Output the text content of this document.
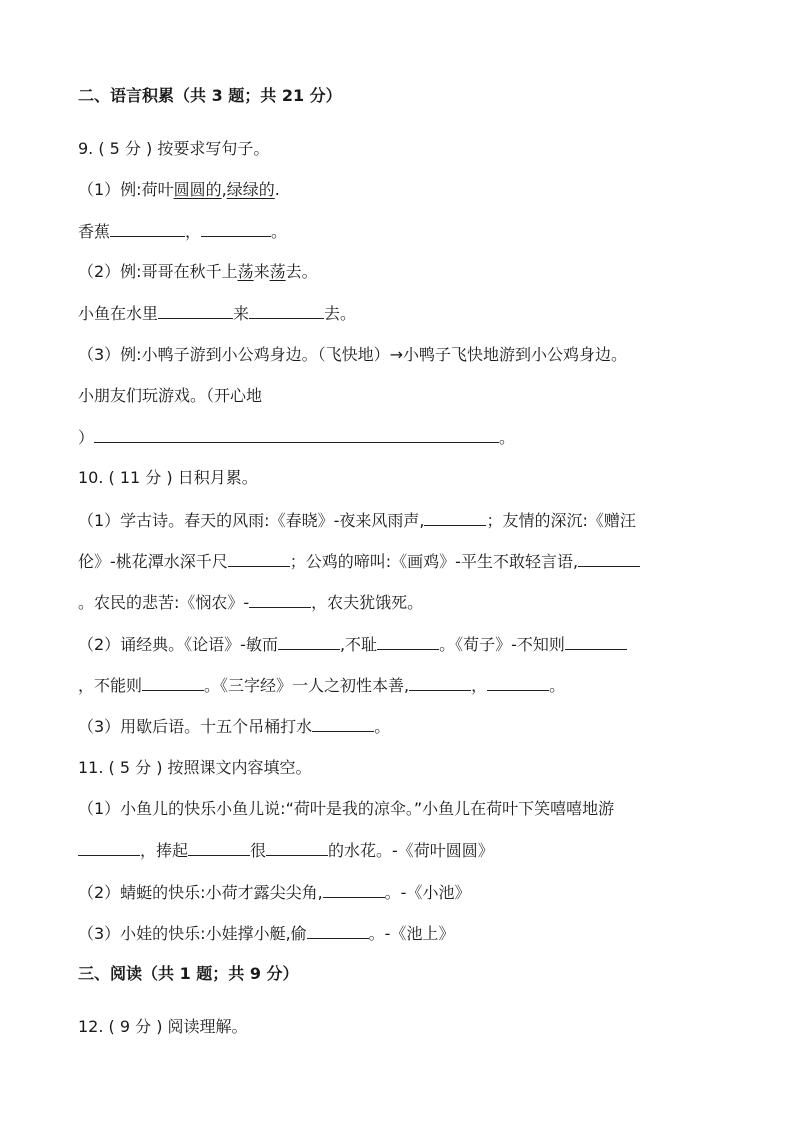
二、语言积累（共 3 题；共 21 分）
9. ( 5 分 ) 按要求写句子。
（1）例:荷叶圆圆的,绿绿的.
香蕉	，	。
（2）例:哥哥在秋千上荡来荡去。
小鱼在水里	来	去。
（3）例:小鸭子游到小公鸡身边。（飞快地）→小鸭子飞快地游到小公鸡身边。
小朋友们玩游戏。（开心地
）	。
10. ( 11 分 ) 日积月累。
（1）学古诗。春天的风雨:《春晓》-夜来风雨声,	；友情的深沉:《赠汪
伦》-桃花潭水深千尺	；公鸡的啼叫:《画鸡》-平生不敢轻言语,
。农民的悲苦:《悯农》-	，农夫犹饿死。
（2）诵经典。《论语》-敏而	,不耻	。《荀子》-不知则
，不能则	。《三字经》一人之初性本善,	，	。
（3）用歇后语。十五个吊桶打水	。
11. ( 5 分 ) 按照课文内容填空。
（1）小鱼儿的快乐小鱼儿说:“荷叶是我的凉伞。”小鱼儿在荷叶下笑嘻嘻地游
，捧起	很	的水花。-《荷叶圆圆》
（2）蜻蜓的快乐:小荷才露尖尖角,	。-《小池》
（3）小娃的快乐:小娃撑小艇,偷	。-《池上》
三、阅读（共 1 题；共 9 分）
12. ( 9 分 ) 阅读理解。
